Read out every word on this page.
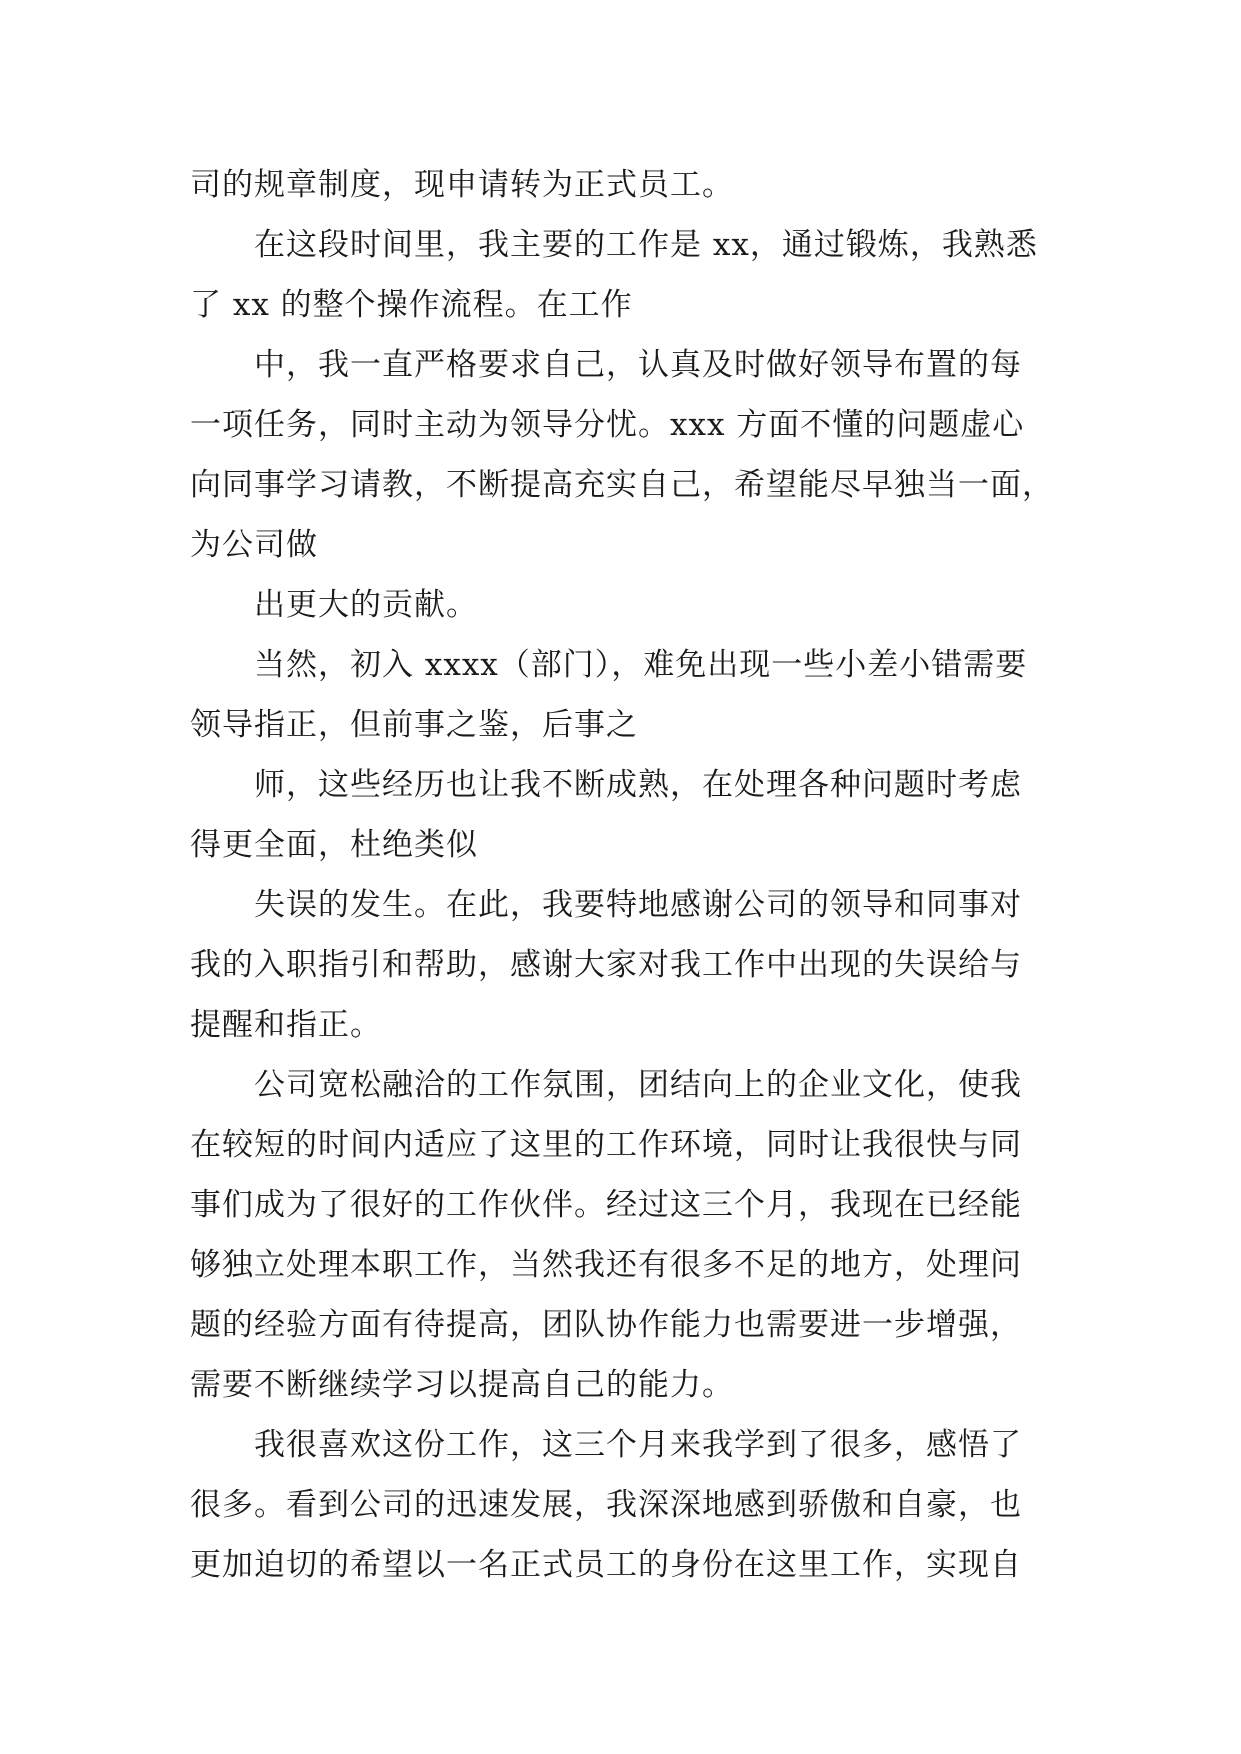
司的规章制度，现申请转为正式员工。

在这段时间里，我主要的工作是 xx，通过锻炼，我熟悉
了 xx 的整个操作流程。在工作

中，我一直严格要求自己，认真及时做好领导布置的每
一项任务，同时主动为领导分忧。xxx 方面不懂的问题虚心
向同事学习请教，不断提高充实自己，希望能尽早独当一面，
为公司做

出更大的贡献。

当然，初入 xxxx（部门），难免出现一些小差小错需要
领导指正，但前事之鉴，后事之

师，这些经历也让我不断成熟，在处理各种问题时考虑
得更全面，杜绝类似

失误的发生。在此，我要特地感谢公司的领导和同事对
我的入职指引和帮助，感谢大家对我工作中出现的失误给与
提醒和指正。

公司宽松融洽的工作氛围，团结向上的企业文化，使我
在较短的时间内适应了这里的工作环境，同时让我很快与同
事们成为了很好的工作伙伴。经过这三个月，我现在已经能
够独立处理本职工作，当然我还有很多不足的地方，处理问
题的经验方面有待提高，团队协作能力也需要进一步增强，
需要不断继续学习以提高自己的能力。

我很喜欢这份工作，这三个月来我学到了很多，感悟了
很多。看到公司的迅速发展，我深深地感到骄傲和自豪，也
更加迫切的希望以一名正式员工的身份在这里工作，实现自
